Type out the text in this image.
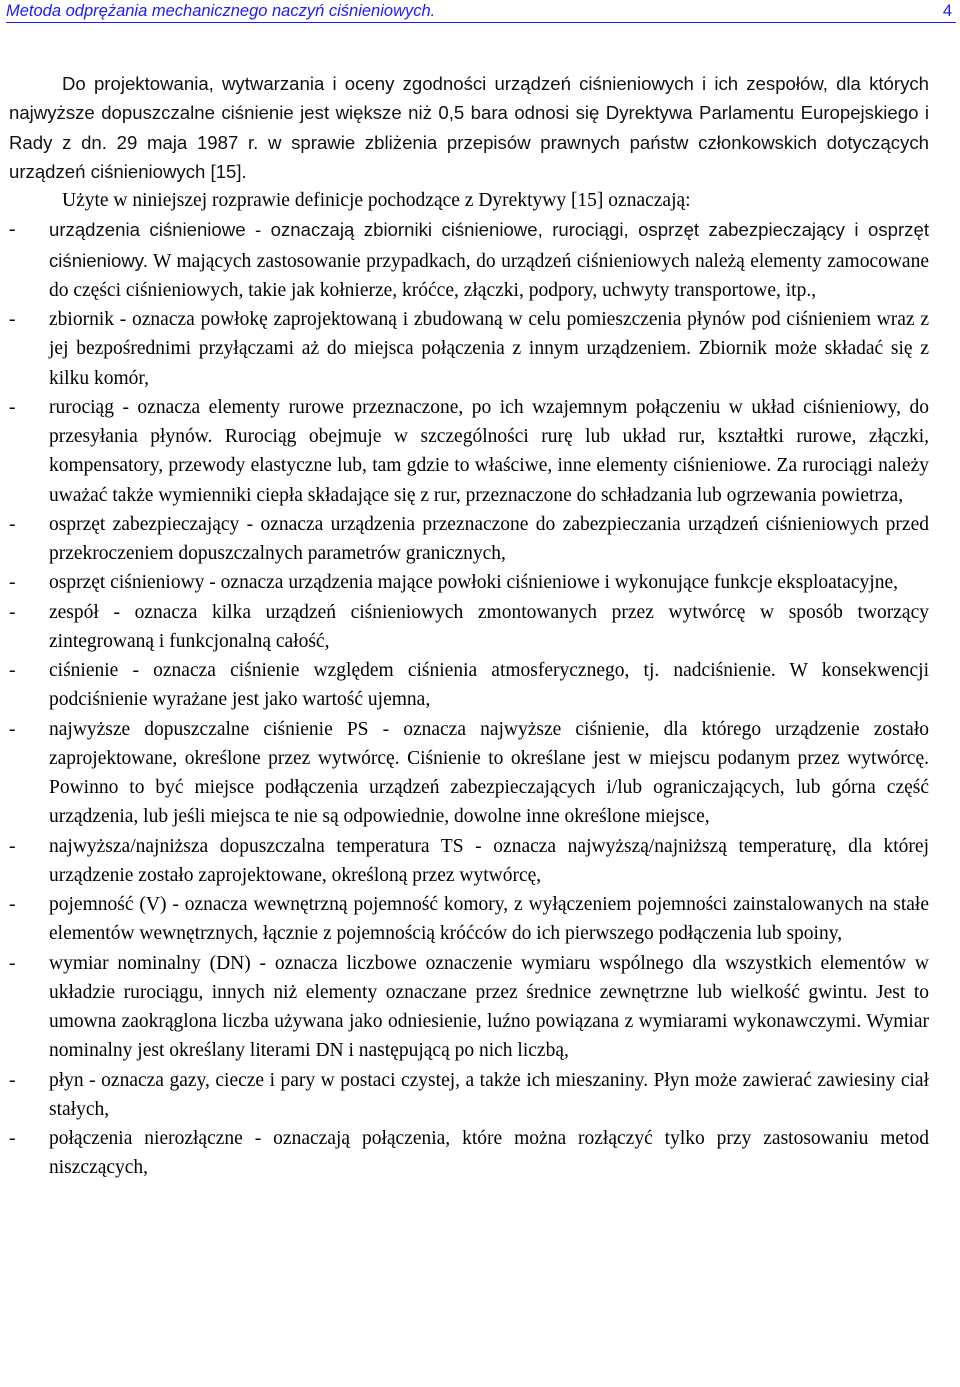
Metoda odprężania mechanicznego naczyń ciśnieniowych.	4

Do projektowania, wytwarzania i oceny zgodności urządzeń ciśnieniowych i ich zespołów, dla których najwyższe dopuszczalne ciśnienie jest większe niż 0,5 bara odnosi się Dyrektywa Parlamentu Europejskiego i Rady z dn. 29 maja 1987 r. w sprawie zbliżenia przepisów prawnych państw członkowskich dotyczących urządzeń ciśnieniowych [15].

Użyte w niniejszej rozprawie definicje pochodzące z Dyrektywy [15] oznaczają:

- urządzenia ciśnieniowe - oznaczają zbiorniki ciśnieniowe, rurociągi, osprzęt zabezpieczający i osprzęt ciśnieniowy. W mających zastosowanie przypadkach, do urządzeń ciśnieniowych należą elementy zamocowane do części ciśnieniowych, takie jak kołnierze, króćce, złączki, podpory, uchwyty transportowe, itp.,

- zbiornik - oznacza powłokę zaprojektowaną i zbudowaną w celu pomieszczenia płynów pod ciśnieniem wraz z jej bezpośrednimi przyłączami aż do miejsca połączenia z innym urządzeniem. Zbiornik może składać się z kilku komór,

- rurociąg - oznacza elementy rurowe przeznaczone, po ich wzajemnym połączeniu w układ ciśnieniowy, do przesyłania płynów. Rurociąg obejmuje w szczególności rurę lub układ rur, kształtki rurowe, złączki, kompensatory, przewody elastyczne lub, tam gdzie to właściwe, inne elementy ciśnieniowe. Za rurociągi należy uważać także wymienniki ciepła składające się z rur, przeznaczone do schładzania lub ogrzewania powietrza,

- osprzęt zabezpieczający - oznacza urządzenia przeznaczone do zabezpieczania urządzeń ciśnieniowych przed przekroczeniem dopuszczalnych parametrów granicznych,

- osprzęt ciśnieniowy - oznacza urządzenia mające powłoki ciśnieniowe i wykonujące funkcje eksploatacyjne,

- zespół - oznacza kilka urządzeń ciśnieniowych zmontowanych przez wytwórcę w sposób tworzący zintegrowaną i funkcjonalną całość,

- ciśnienie - oznacza ciśnienie względem ciśnienia atmosferycznego, tj. nadciśnienie. W konsekwencji podciśnienie wyrażane jest jako wartość ujemna,

- najwyższe dopuszczalne ciśnienie PS - oznacza najwyższe ciśnienie, dla którego urządzenie zostało zaprojektowane, określone przez wytwórcę. Ciśnienie to określane jest w miejscu podanym przez wytwórcę. Powinno to być miejsce podłączenia urządzeń zabezpieczających i/lub ograniczających, lub górna część urządzenia, lub jeśli miejsca te nie są odpowiednie, dowolne inne określone miejsce,

- najwyższa/najniższa dopuszczalna temperatura TS - oznacza najwyższą/najniższą temperaturę, dla której urządzenie zostało zaprojektowane, określoną przez wytwórcę,

- pojemność (V) - oznacza wewnętrzną pojemność komory, z wyłączeniem pojemności zainstalowanych na stałe elementów wewnętrznych, łącznie z pojemnością króćców do ich pierwszego podłączenia lub spoiny,

- wymiar nominalny (DN) - oznacza liczbowe oznaczenie wymiaru wspólnego dla wszystkich elementów w układzie rurociągu, innych niż elementy oznaczane przez średnice zewnętrzne lub wielkość gwintu. Jest to umowna zaokrąglona liczba używana jako odniesienie, luźno powiązana z wymiarami wykonawczymi. Wymiar nominalny jest określany literami DN i następującą po nich liczbą,

- płyn - oznacza gazy, ciecze i pary w postaci czystej, a także ich mieszaniny. Płyn może zawierać zawiesiny ciał stałych,

- połączenia nierozłączne - oznaczają połączenia, które można rozłączyć tylko przy zastosowaniu metod niszczących,
